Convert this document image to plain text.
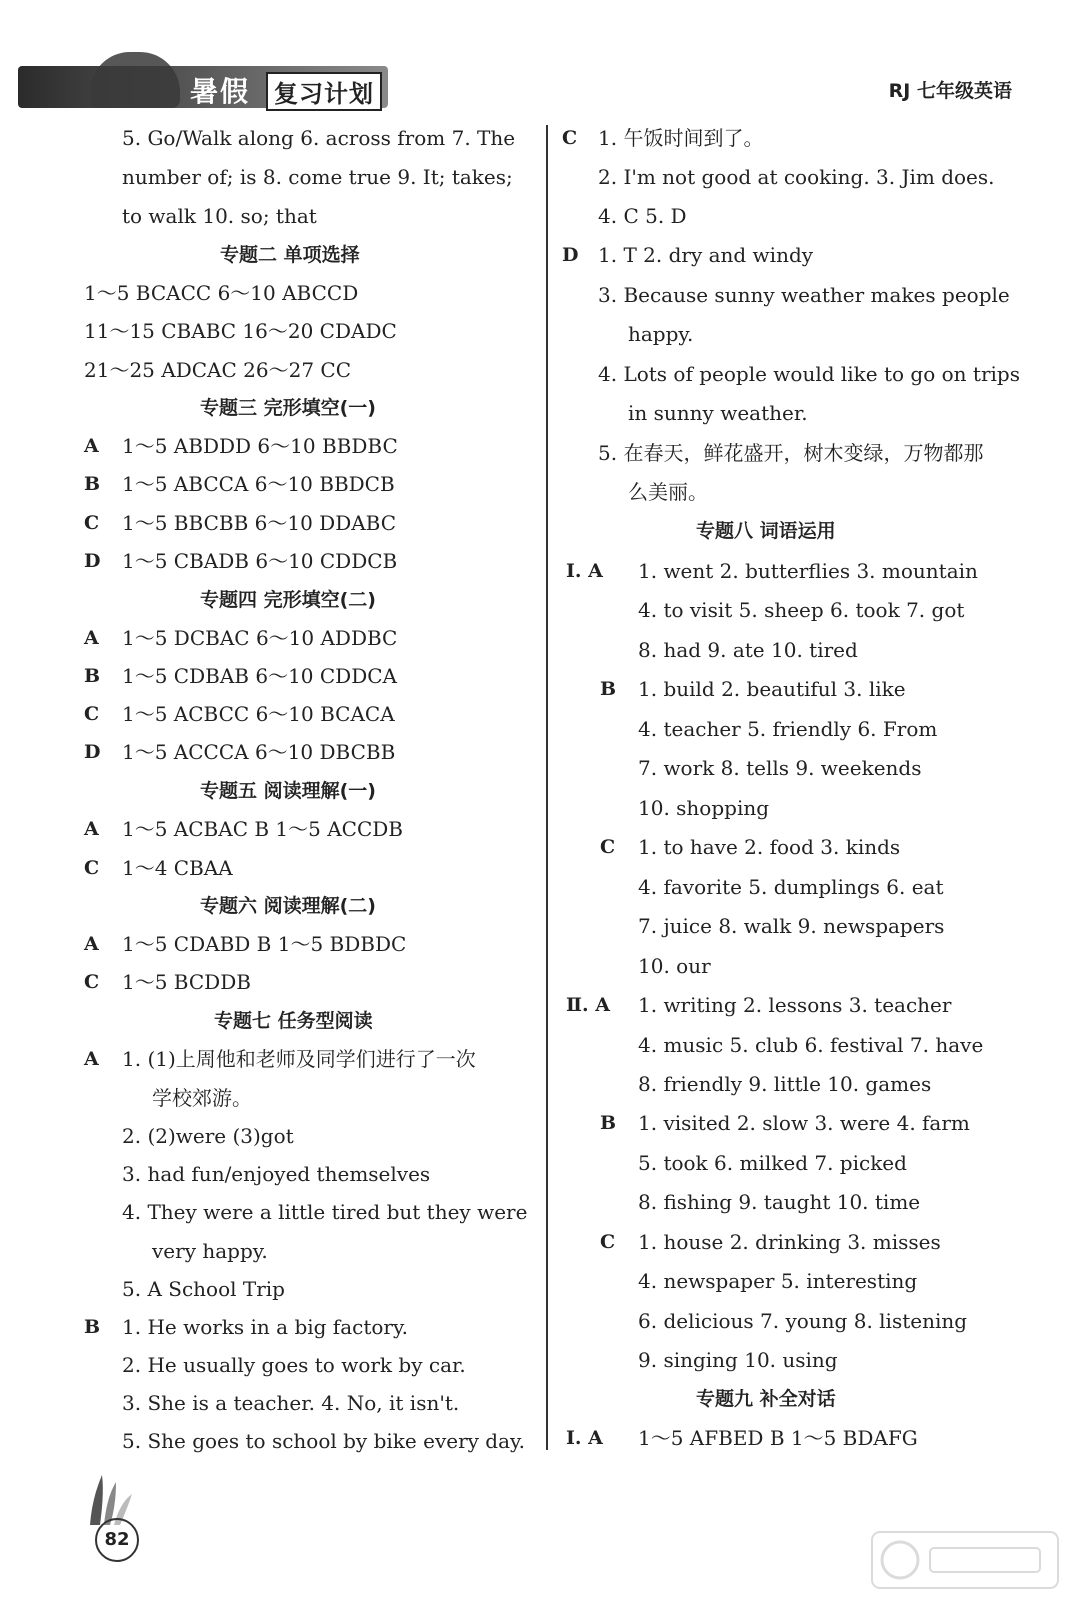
暑假 复习计划	RJ 七年级英语
5. Go/Walk along 6. across from 7. The
number of; is 8. come true 9. It; takes;
to walk 10. so; that
专题二 单项选择
1～5 BCACC 6～10 ABCCD
11～15 CBABC 16～20 CDADC
21～25 ADCAC 26～27 CC
专题三 完形填空(一)
A 1～5 ABDDD 6～10 BBDBC
B 1～5 ABCCA 6～10 BBDCB
C 1～5 BBCBB 6～10 DDABC
D 1～5 CBADB 6～10 CDDCB
专题四 完形填空(二)
A 1～5 DCBAC 6～10 ADDBC
B 1～5 CDBAB 6～10 CDDCA
C 1～5 ACBCC 6～10 BCACA
D 1～5 ACCCA 6～10 DBCBB
专题五 阅读理解(一)
A 1～5 ACBAC B 1～5 ACCDB
C 1～4 CBAA
专题六 阅读理解(二)
A 1～5 CDABD B 1～5 BDBDC
C 1～5 BCDDB
专题七 任务型阅读
A 1. (1)上周他和老师及同学们进行了一次
学校郊游。
2. (2)were (3)got
3. had fun/enjoyed themselves
4. They were a little tired but they were
very happy.
5. A School Trip
B 1. He works in a big factory.
2. He usually goes to work by car.
3. She is a teacher. 4. No, it isn't.
5. She goes to school by bike every day.
C 1. 午饭时间到了。
2. I'm not good at cooking. 3. Jim does.
4. C 5. D
D 1. T 2. dry and windy
3. Because sunny weather makes people
happy.
4. Lots of people would like to go on trips
in sunny weather.
5. 在春天，鲜花盛开，树木变绿，万物都那
么美丽。
专题八 词语运用
Ⅰ. A 1. went 2. butterflies 3. mountain
4. to visit 5. sheep 6. took 7. got
8. had 9. ate 10. tired
B 1. build 2. beautiful 3. like
4. teacher 5. friendly 6. From
7. work 8. tells 9. weekends
10. shopping
C 1. to have 2. food 3. kinds
4. favorite 5. dumplings 6. eat
7. juice 8. walk 9. newspapers
10. our
Ⅱ. A 1. writing 2. lessons 3. teacher
4. music 5. club 6. festival 7. have
8. friendly 9. little 10. games
B 1. visited 2. slow 3. were 4. farm
5. took 6. milked 7. picked
8. fishing 9. taught 10. time
C 1. house 2. drinking 3. misses
4. newspaper 5. interesting
6. delicious 7. young 8. listening
9. singing 10. using
专题九 补全对话
Ⅰ. A 1～5 AFBED B 1～5 BDAFG
82
